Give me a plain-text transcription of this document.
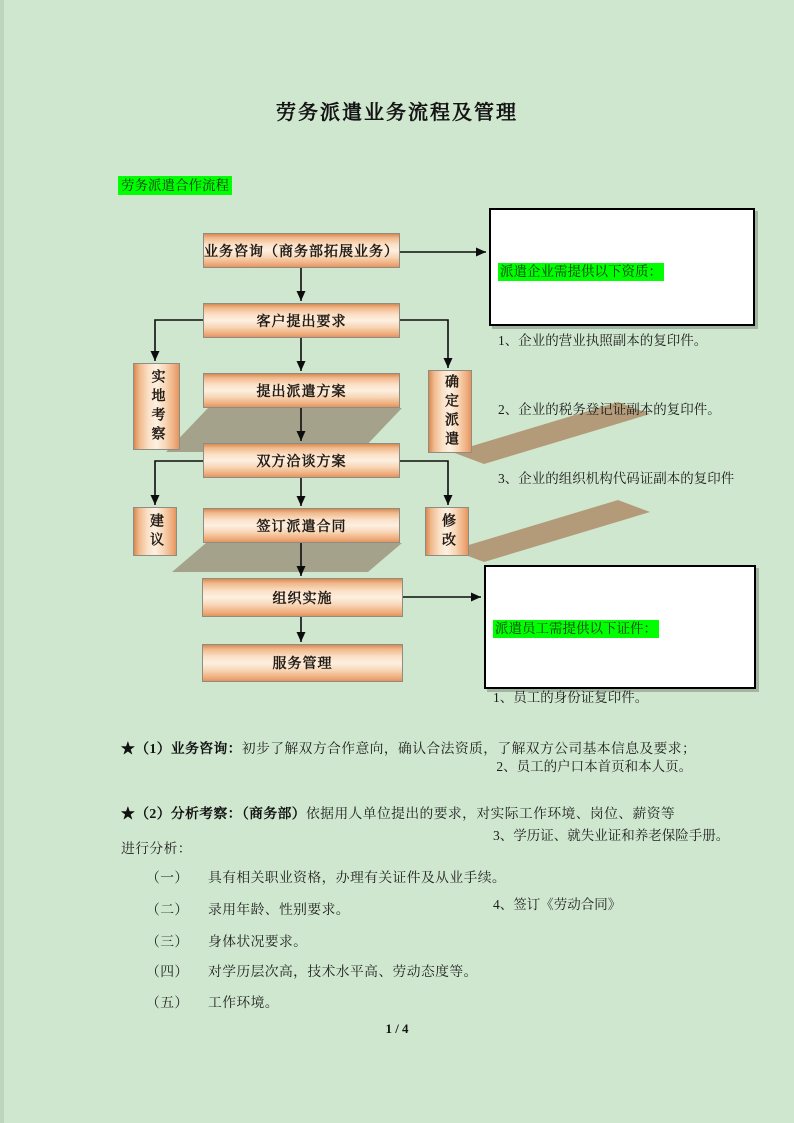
劳务派遣业务流程及管理
劳务派遣合作流程
业务咨询（商务部拓展业务）
客户提出要求
提出派遣方案
双方洽谈方案
签订派遣合同
组织实施
服务管理
实地考察	确定派遣
建议	修改

派遣企业需提供以下资质：

1、企业的营业执照副本的复印件。

2、企业的税务登记证副本的复印件。

3、企业的组织机构代码证副本的复印件

派遣员工需提供以下证件：

1、员工的身份证复印件。

2、员工的户口本首页和本人页。

3、学历证、就失业证和养老保险手册。

4、签订《劳动合同》

★（1）业务咨询：初步了解双方合作意向，确认合法资质，了解双方公司基本信息及要求；
★（2）分析考察：（商务部）依据用人单位提出的要求，对实际工作环境、岗位、薪资等
进行分析：
（一） 具有相关职业资格，办理有关证件及从业手续。
（二） 录用年龄、性别要求。
（三） 身体状况要求。
（四） 对学历层次高，技术水平高、劳动态度等。
（五） 工作环境。
1 / 4
